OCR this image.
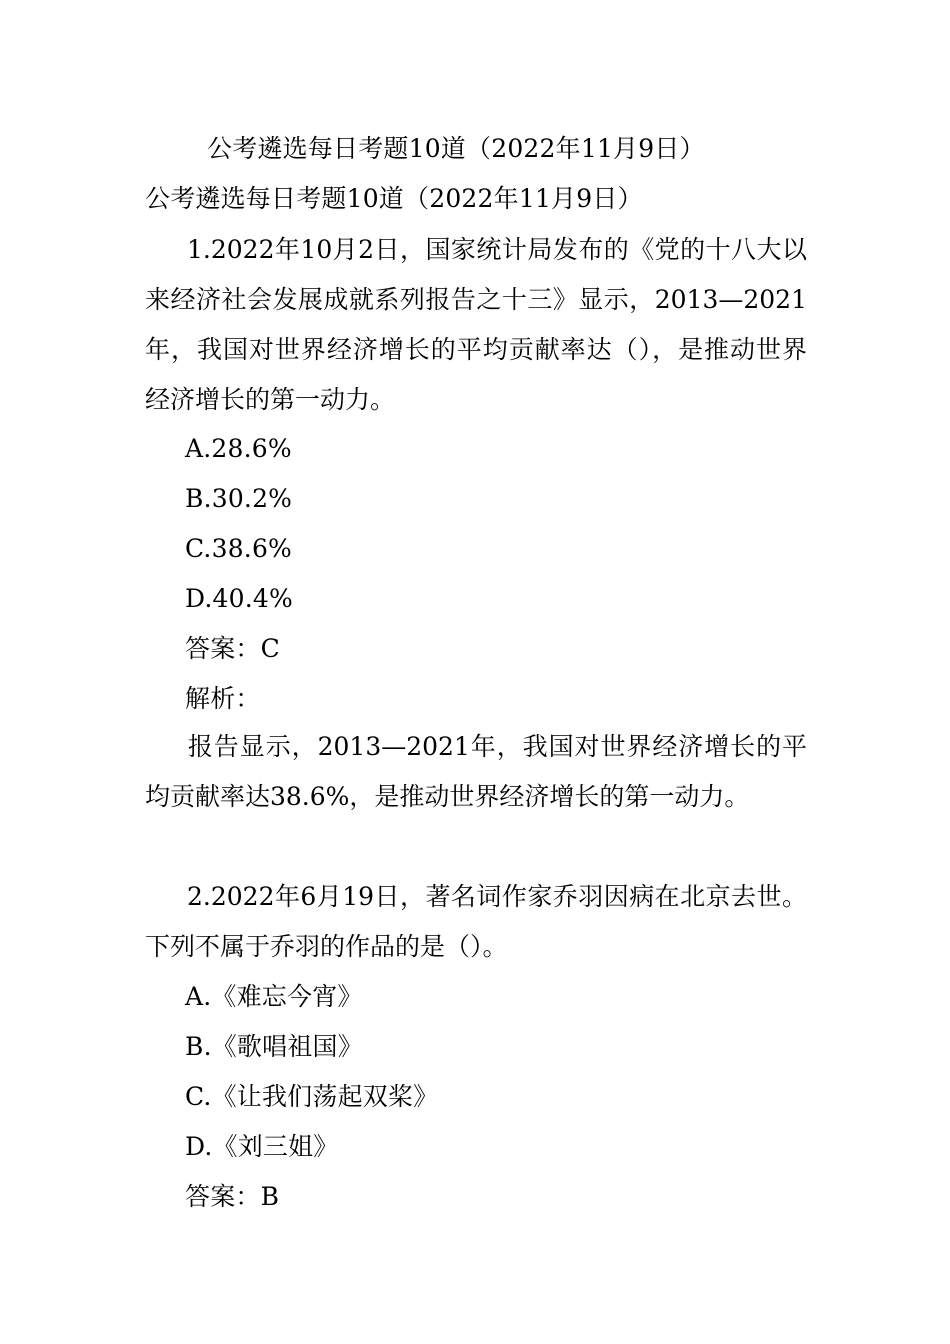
公考遴选每日考题10道（2022年11月9日）
公考遴选每日考题10道（2022年11月9日）
1.2022年10月2日，国家统计局发布的《党的十八大以来经济社会发展成就系列报告之十三》显示，2013—2021年，我国对世界经济增长的平均贡献率达（），是推动世界经济增长的第一动力。
A.28.6%
B.30.2%
C.38.6%
D.40.4%
答案：C
解析：
报告显示，2013—2021年，我国对世界经济增长的平均贡献率达38.6%，是推动世界经济增长的第一动力。
2.2022年6月19日，著名词作家乔羽因病在北京去世。下列不属于乔羽的作品的是（）。
A.《难忘今宵》
B.《歌唱祖国》
C.《让我们荡起双桨》
D.《刘三姐》
答案：B
